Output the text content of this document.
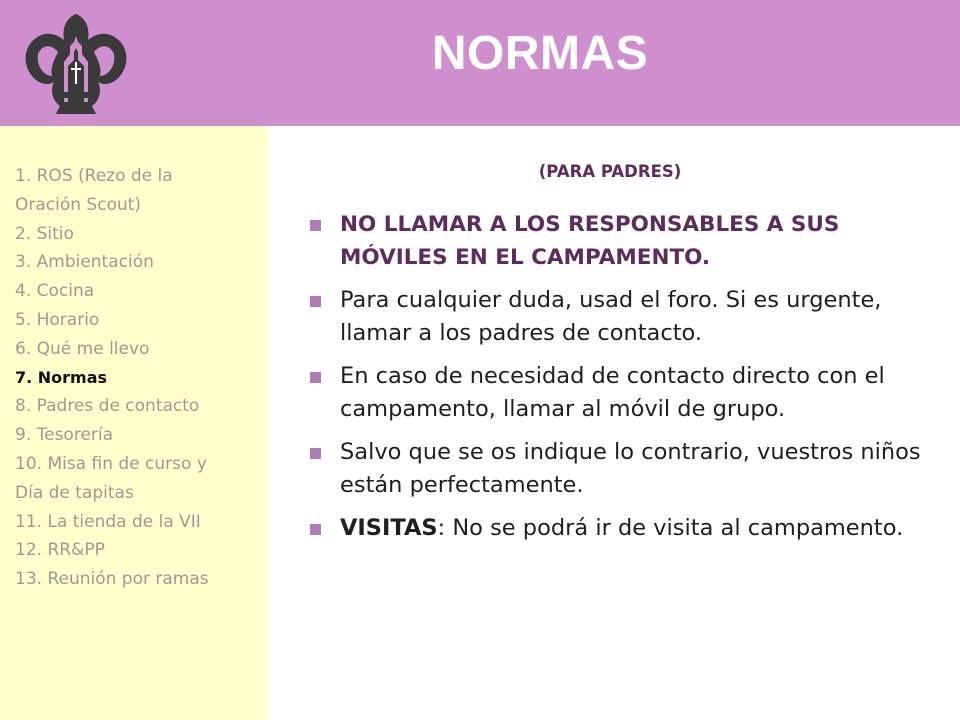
NORMAS
1. ROS (Rezo de la
Oración Scout)
2. Sitio
3. Ambientación
4. Cocina
5. Horario
6. Qué me llevo
7. Normas
8. Padres de contacto
9. Tesorería
10. Misa fin de curso y
Día de tapitas
11. La tienda de la VII
12. RR&PP
13. Reunión por ramas
(PARA PADRES)
NO LLAMAR A LOS RESPONSABLES A SUS MÓVILES EN EL CAMPAMENTO.
Para cualquier duda, usad el foro. Si es urgente, llamar a los padres de contacto.
En caso de necesidad de contacto directo con el campamento, llamar al móvil de grupo.
Salvo que se os indique lo contrario, vuestros niños están perfectamente.
VISITAS: No se podrá ir de visita al campamento.
